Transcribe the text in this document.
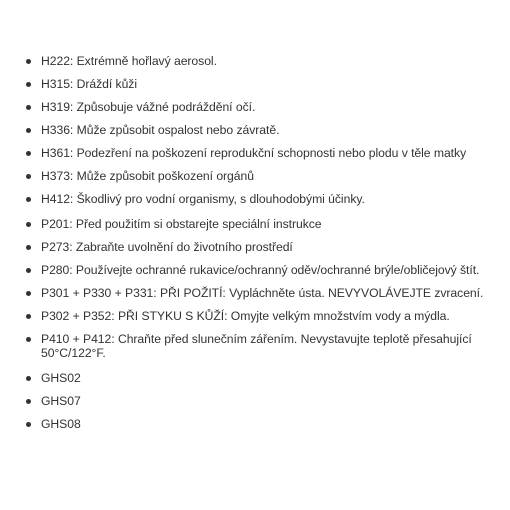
H222: Extrémně hořlavý aerosol.
H315: Dráždí kůži
H319: Způsobuje vážné podráždění očí.
H336: Může způsobit ospalost nebo závratě.
H361: Podezření na poškození reprodukční schopnosti nebo plodu v těle matky
H373: Může způsobit poškození orgánů
H412: Škodlivý pro vodní organismy, s dlouhodobými účinky.
P201: Před použitím si obstarejte speciální instrukce
P273: Zabraňte uvolnění do životního prostředí
P280: Používejte ochranné rukavice/ochranný oděv/ochranné brýle/obličejový štít.
P301 + P330 + P331: PŘI POŽITÍ: Vypláchněte ústa. NEVYVOLÁVEJTE zvracení.
P302 + P352: PŘI STYKU S KŮŽÍ: Omyjte velkým množstvím vody a mýdla.
P410 + P412: Chraňte před slunečním zářením. Nevystavujte teplotě přesahující 50°C/122°F.
GHS02
GHS07
GHS08
